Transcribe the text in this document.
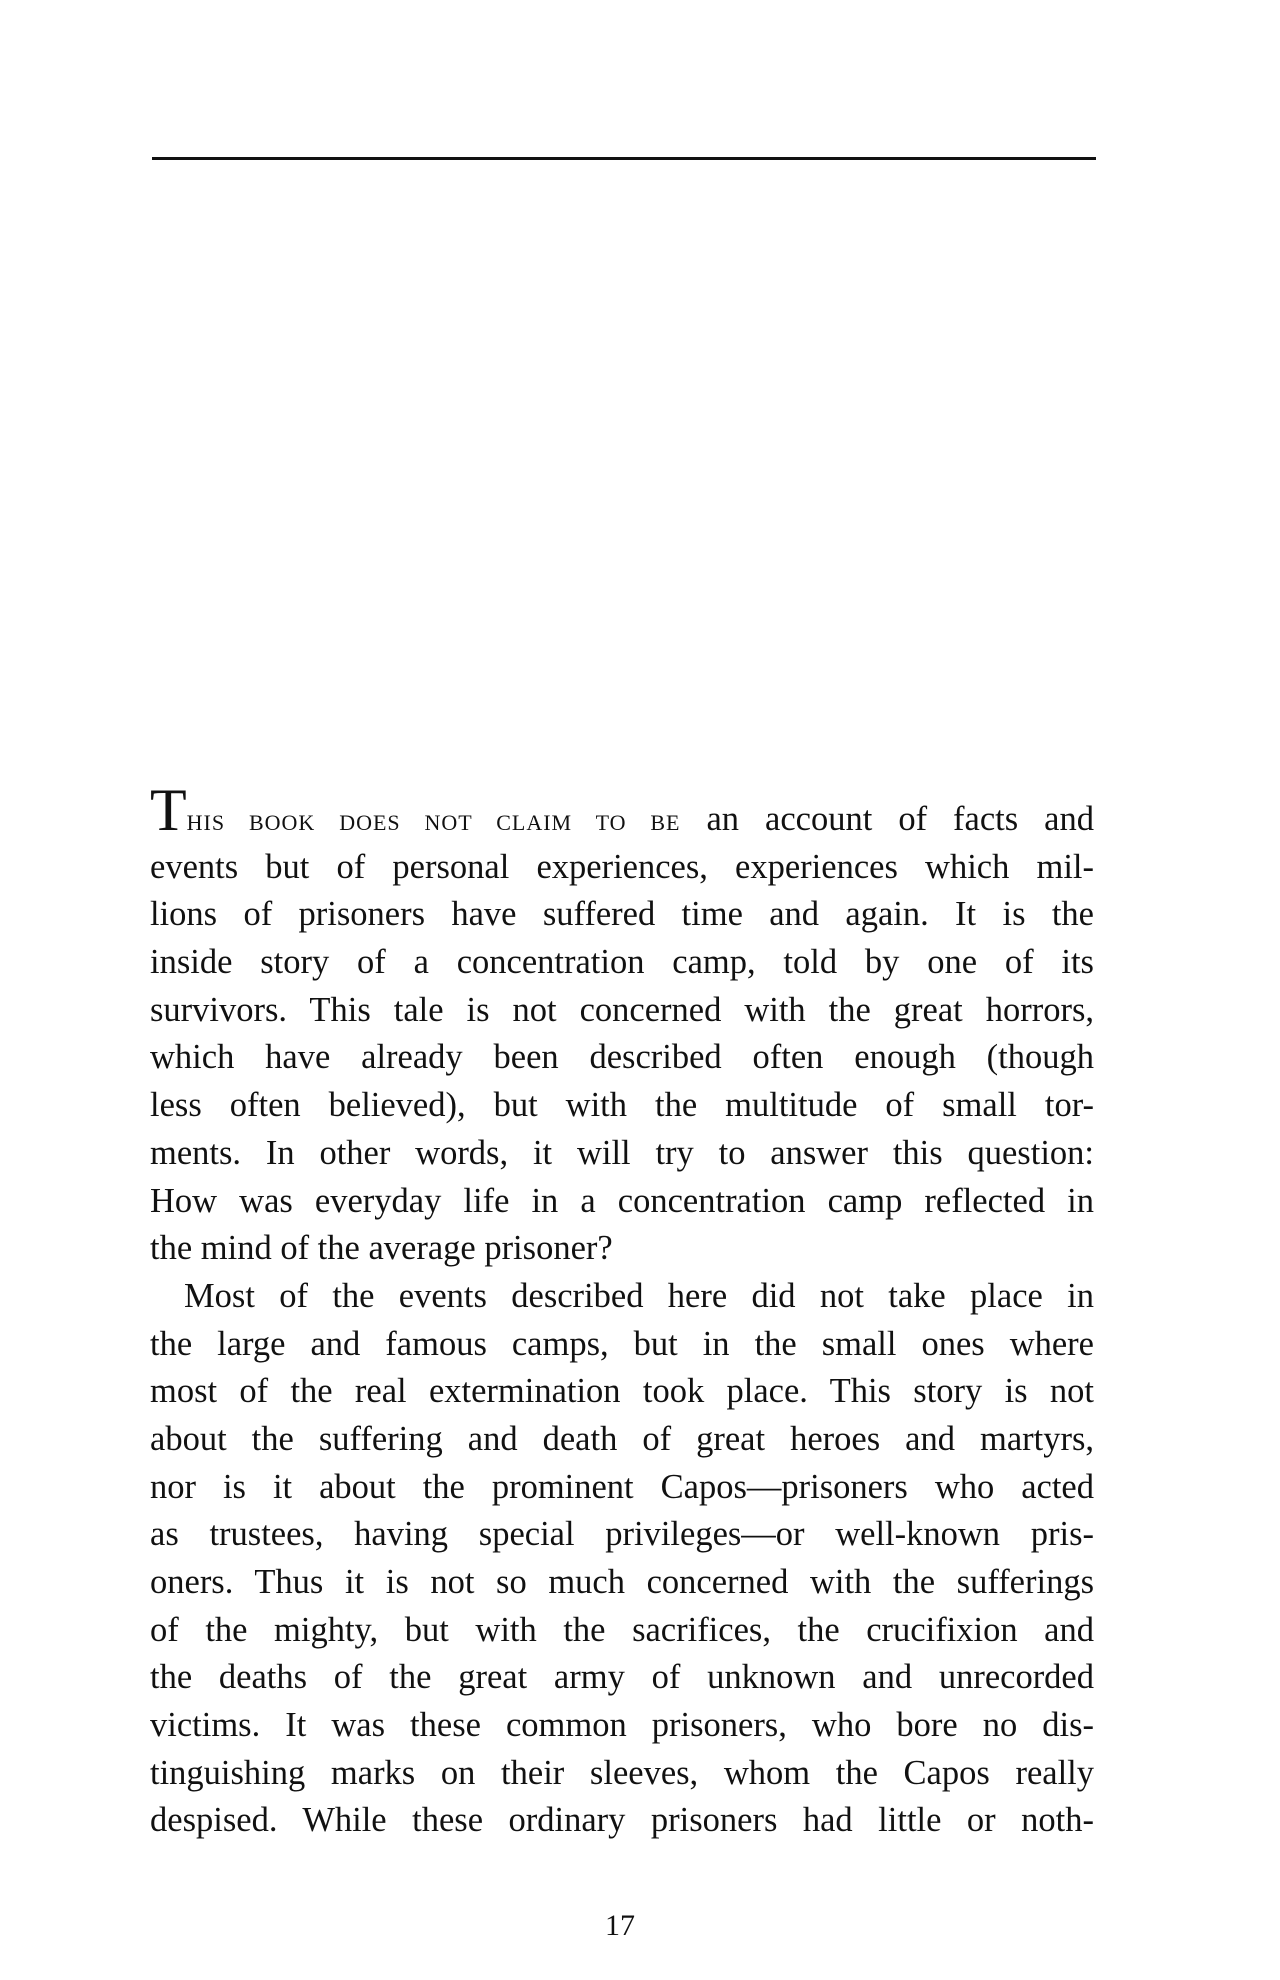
THIS BOOK DOES NOT CLAIM TO BE an account of facts and
events but of personal experiences, experiences which mil-
lions of prisoners have suffered time and again. It is the
inside story of a concentration camp, told by one of its
survivors. This tale is not concerned with the great horrors,
which have already been described often enough (though
less often believed), but with the multitude of small tor-
ments. In other words, it will try to answer this question:
How was everyday life in a concentration camp reflected in
the mind of the average prisoner?
Most of the events described here did not take place in
the large and famous camps, but in the small ones where
most of the real extermination took place. This story is not
about the suffering and death of great heroes and martyrs,
nor is it about the prominent Capos—prisoners who acted
as trustees, having special privileges—or well-known pris-
oners. Thus it is not so much concerned with the sufferings
of the mighty, but with the sacrifices, the crucifixion and
the deaths of the great army of unknown and unrecorded
victims. It was these common prisoners, who bore no dis-
tinguishing marks on their sleeves, whom the Capos really
despised. While these ordinary prisoners had little or noth-
17
